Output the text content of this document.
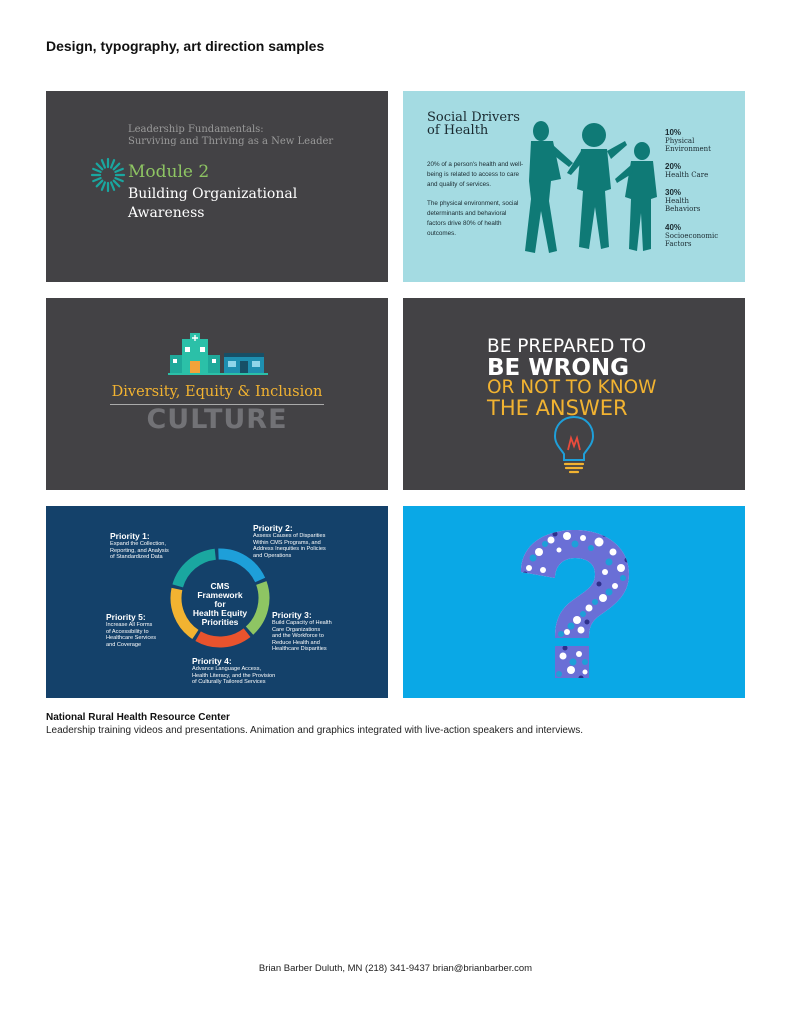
Design, typography, art direction samples
Leadership Fundamentals:
Surviving and Thriving as a New Leader
Module 2
Building Organizational
Awareness
Social Drivers
of Health

20% of a person's health and well-being is related to access to care and quality of services.

The physical environment, social determinants and behavioral factors drive 80% of health outcomes.

10%
Physical
Environment
20%
Health Care
30%
Health
Behaviors
40%
Socioeconomic
Factors
Diversity, Equity & Inclusion
CULTURE
BE PREPARED TO
BE WRONG
OR NOT TO KNOW
THE ANSWER
CMS
Framework for
Health Equity
Priorities
Priority 1:
Expand the Collection,
Reporting, and Analysis
of Standardized Data
Priority 2:
Assess Causes of Disparities
Within CMS Programs, and
Address Inequities in Policies
and Operations
Priority 3:
Build Capacity of Health
Care Organizations
and the Workforce to
Reduce Health and
Healthcare Disparities
Priority 4:
Advance Language Access,
Health Literacy, and the Provision
of Culturally Tailored Services
Priority 5:
Increase All Forms
of Accessibility to
Healthcare Services
and Coverage
National Rural Health Resource Center
Leadership training videos and presentations. Animation and graphics integrated with live-action speakers and interviews.
Brian Barber Duluth, MN (218) 341-9437 brian@brianbarber.com
